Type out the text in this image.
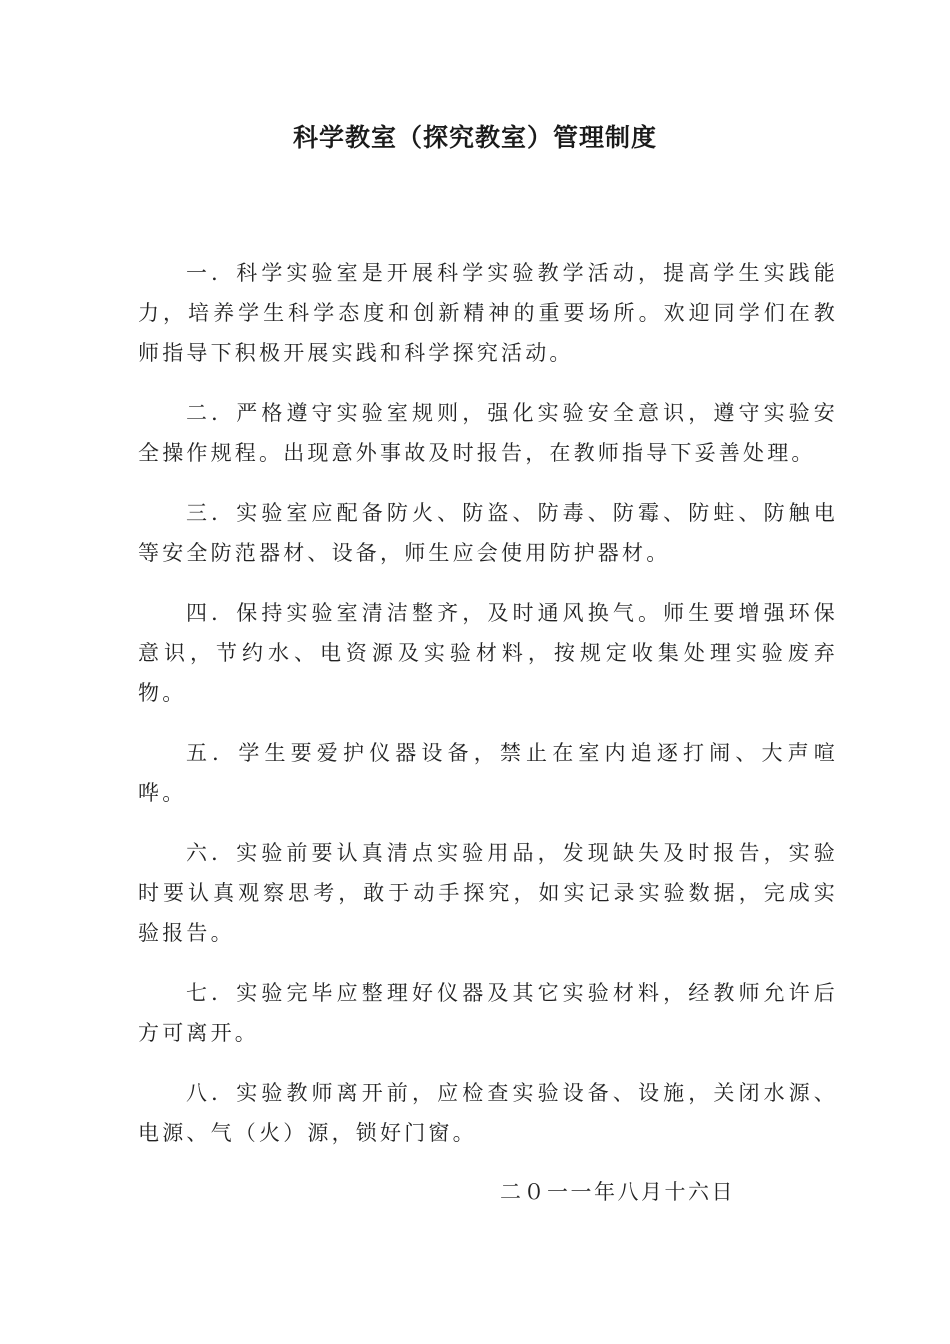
科学教室（探究教室）管理制度

一．科学实验室是开展科学实验教学活动，提高学生实践能力，培养学生科学态度和创新精神的重要场所。欢迎同学们在教师指导下积极开展实践和科学探究活动。

二．严格遵守实验室规则，强化实验安全意识，遵守实验安全操作规程。出现意外事故及时报告，在教师指导下妥善处理。

三．实验室应配备防火、防盗、防毒、防霉、防蛀、防触电等安全防范器材、设备，师生应会使用防护器材。

四．保持实验室清洁整齐，及时通风换气。师生要增强环保意识，节约水、电资源及实验材料，按规定收集处理实验废弃物。

五．学生要爱护仪器设备，禁止在室内追逐打闹、大声喧哗。

六．实验前要认真清点实验用品，发现缺失及时报告，实验时要认真观察思考，敢于动手探究，如实记录实验数据，完成实验报告。

七．实验完毕应整理好仪器及其它实验材料，经教师允许后方可离开。

八．实验教师离开前，应检查实验设备、设施，关闭水源、电源、气（火）源，锁好门窗。

二０一一年八月十六日
